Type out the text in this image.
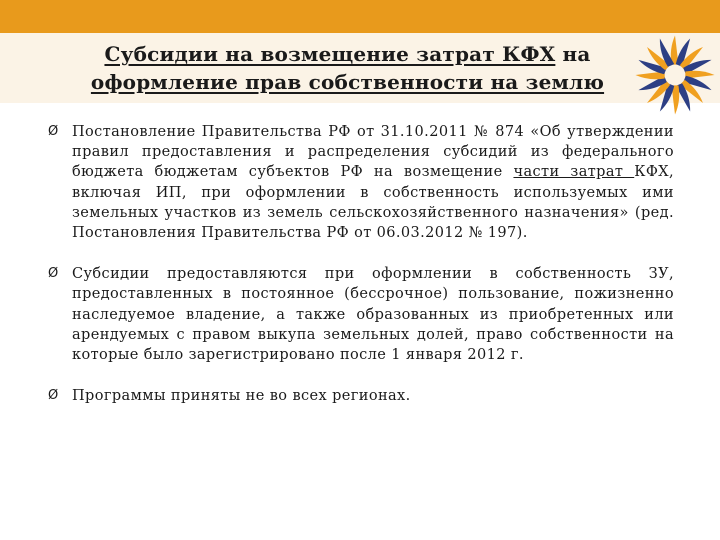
Субсидии на возмещение затрат КФХ на
оформление прав собственности на землю
Ø Постановление Правительства РФ от 31.10.2011 № 874 «Об утверждении правил предоставления и распределения субсидий из федерального бюджета бюджетам субъектов РФ на возмещение части затрат КФХ, включая ИП, при оформлении в собственность используемых ими земельных участков из земель сельскохозяйственного назначения» (ред. Постановления Правительства РФ от 06.03.2012 № 197).
Ø Субсидии предоставляются при оформлении в собственность ЗУ, предоставленных в постоянное (бессрочное) пользование, пожизненно наследуемое владение, а также образованных из приобретенных или арендуемых с правом выкупа земельных долей, право собственности на которые было зарегистрировано после 1 января 2012 г.
Ø Программы приняты не во всех регионах.
